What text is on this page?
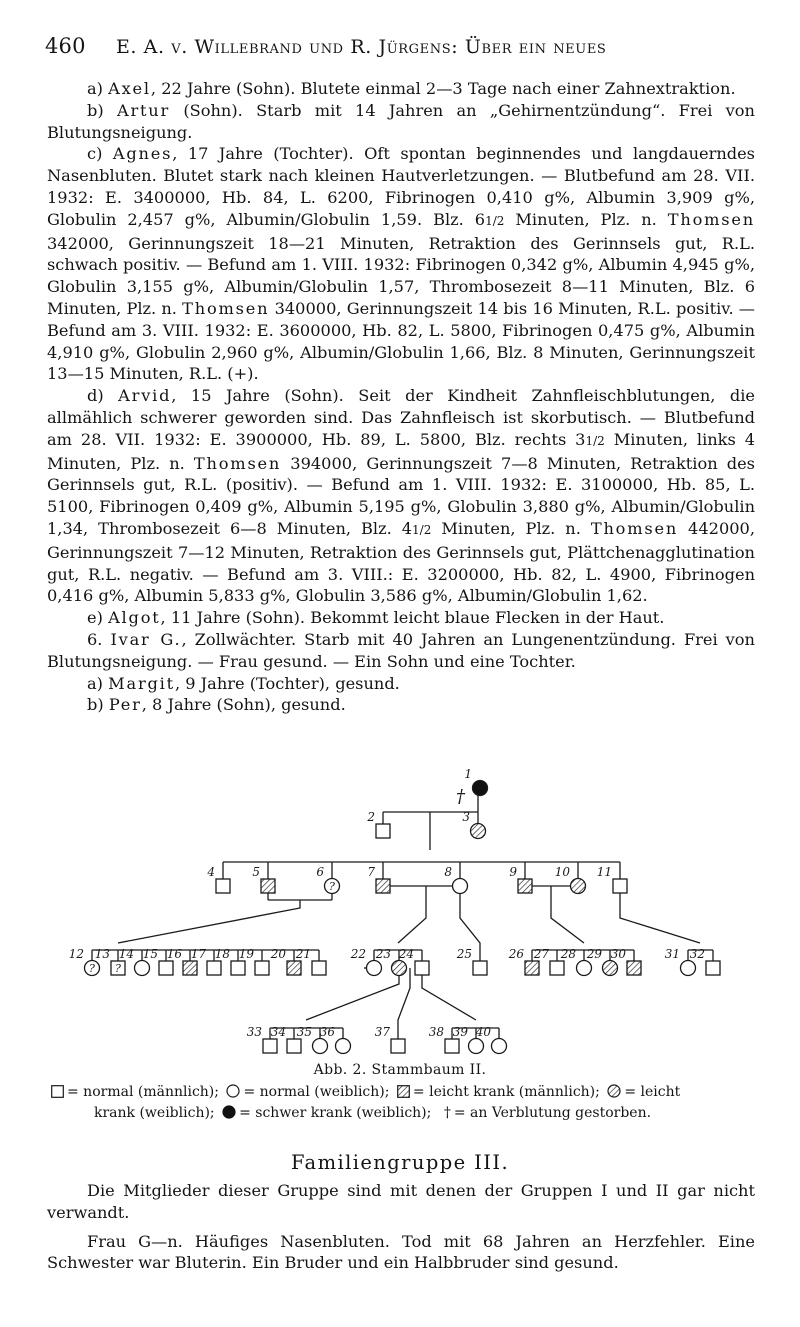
460 E. A. v. Willebrand und R. Jürgens: Über ein neues

a) Axel, 22 Jahre (Sohn). Blutete einmal 2—3 Tage nach einer Zahnextraktion.

b) Artur (Sohn). Starb mit 14 Jahren an „Gehirnentzündung“. Frei von Blutungsneigung.

c) Agnes, 17 Jahre (Tochter). Oft spontan beginnendes und langdauerndes Nasenbluten. Blutet stark nach kleinen Hautverletzungen. — Blutbefund am 28. VII. 1932: E. 3400000, Hb. 84, L. 6200, Fibrinogen 0,410 g%, Albumin 3,909 g%, Globulin 2,457 g%, Albumin/Globulin 1,59. Blz. 61/2 Minuten, Plz. n. Thomsen 342000, Gerinnungszeit 18—21 Minuten, Retraktion des Gerinnsels gut, R.L. schwach positiv. — Befund am 1. VIII. 1932: Fibrinogen 0,342 g%, Albumin 4,945 g%, Globulin 3,155 g%, Albumin/Globulin 1,57, Thrombosezeit 8—11 Minuten, Blz. 6 Minuten, Plz. n. Thomsen 340000, Gerinnungszeit 14 bis 16 Minuten, R.L. positiv. — Befund am 3. VIII. 1932: E. 3600000, Hb. 82, L. 5800, Fibrinogen 0,475 g%, Albumin 4,910 g%, Globulin 2,960 g%, Albumin/Globulin 1,66, Blz. 8 Minuten, Gerinnungszeit 13—15 Minuten, R.L. (+).

d) Arvid, 15 Jahre (Sohn). Seit der Kindheit Zahnfleischblutungen, die allmählich schwerer geworden sind. Das Zahnfleisch ist skorbutisch. — Blutbefund am 28. VII. 1932: E. 3900000, Hb. 89, L. 5800, Blz. rechts 31/2 Minuten, links 4 Minuten, Plz. n. Thomsen 394000, Gerinnungszeit 7—8 Minuten, Retraktion des Gerinnsels gut, R.L. (positiv). — Befund am 1. VIII. 1932: E. 3100000, Hb. 85, L. 5100, Fibrinogen 0,409 g%, Albumin 5,195 g%, Globulin 3,880 g%, Albumin/Globulin 1,34, Thrombosezeit 6—8 Minuten, Blz. 41/2 Minuten, Plz. n. Thomsen 442000, Gerinnungszeit 7—12 Minuten, Retraktion des Gerinnsels gut, Plättchenagglutination gut, R.L. negativ. — Befund am 3. VIII.: E. 3200000, Hb. 82, L. 4900, Fibrinogen 0,416 g%, Albumin 5,833 g%, Globulin 3,586 g%, Albumin/Globulin 1,62.

e) Algot, 11 Jahre (Sohn). Bekommt leicht blaue Flecken in der Haut.

6. Ivar G., Zollwächter. Starb mit 40 Jahren an Lungenentzündung. Frei von Blutungsneigung. — Frau gesund. — Ein Sohn und eine Tochter.

a) Margit, 9 Jahre (Tochter), gesund.

b) Per, 8 Jahre (Sohn), gesund.

†
1
2	3
4	5
?
6	7	8	9	10 11
?
12
?
13 14 15 16 17 18 19 20 21	22 23 24	25	26 27 28 29 30	31 32
33 34 35 36	37	38 39 40
Abb. 2. Stammbaum II.
= normal (männlich); = normal (weiblich); = leicht krank (männlich); = leicht
krank (weiblich); = schwer krank (weiblich); † = an Verblutung gestorben.
Familiengruppe III.

Die Mitglieder dieser Gruppe sind mit denen der Gruppen I und II gar nicht verwandt.

Frau G—n. Häufiges Nasenbluten. Tod mit 68 Jahren an Herzfehler. Eine Schwester war Bluterin. Ein Bruder und ein Halbbruder sind gesund.
